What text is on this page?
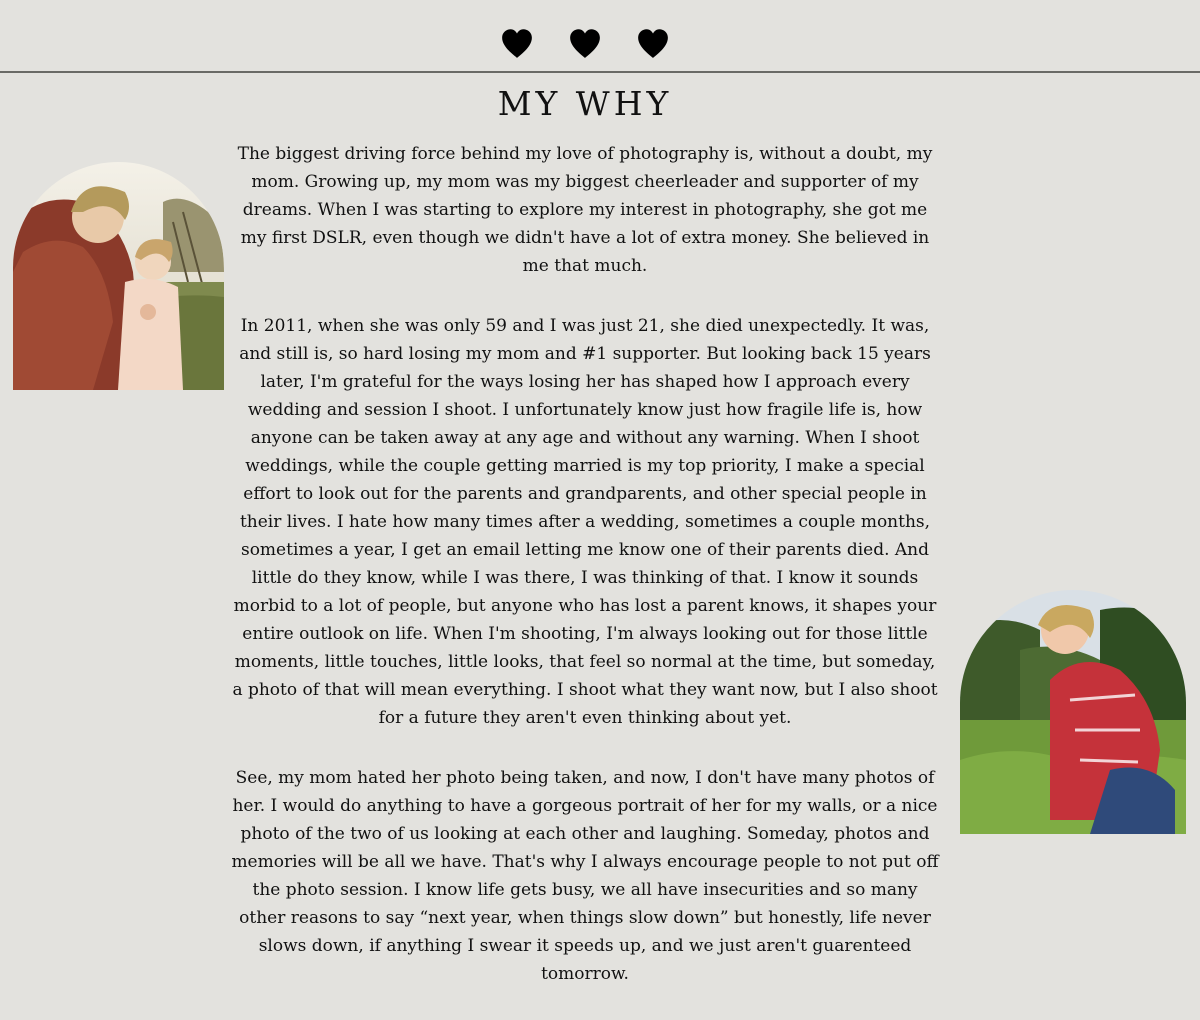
MY WHY

The biggest driving force behind my love of photography is, without a doubt, my mom. Growing up, my mom was my biggest cheerleader and supporter of my dreams. When I was starting to explore my interest in photography, she got me my first DSLR, even though we didn't have a lot of extra money. She believed in me that much.

In 2011, when she was only 59 and I was just 21, she died unexpectedly. It was, and still is, so hard losing my mom and #1 supporter. But looking back 15 years later, I'm grateful for the ways losing her has shaped how I approach every wedding and session I shoot. I unfortunately know just how fragile life is, how anyone can be taken away at any age and without any warning. When I shoot weddings, while the couple getting married is my top priority, I make a special effort to look out for the parents and grandparents, and other special people in their lives. I hate how many times after a wedding, sometimes a couple months, sometimes a year, I get an email letting me know one of their parents died. And little do they know, while I was there, I was thinking of that. I know it sounds morbid to a lot of people, but anyone who has lost a parent knows, it shapes your entire outlook on life. When I'm shooting, I'm always looking out for those little moments, little touches, little looks, that feel so normal at the time, but someday, a photo of that will mean everything. I shoot what they want now, but I also shoot for a future they aren't even thinking about yet.

See, my mom hated her photo being taken, and now, I don't have many photos of her. I would do anything to have a gorgeous portrait of her for my walls, or a nice photo of the two of us looking at each other and laughing. Someday, photos and memories will be all we have. That's why I always encourage people to not put off the photo session. I know life gets busy, we all have insecurities and so many other reasons to say “next year, when things slow down” but honestly, life never slows down, if anything I swear it speeds up, and we just aren't guarenteed tomorrow.
